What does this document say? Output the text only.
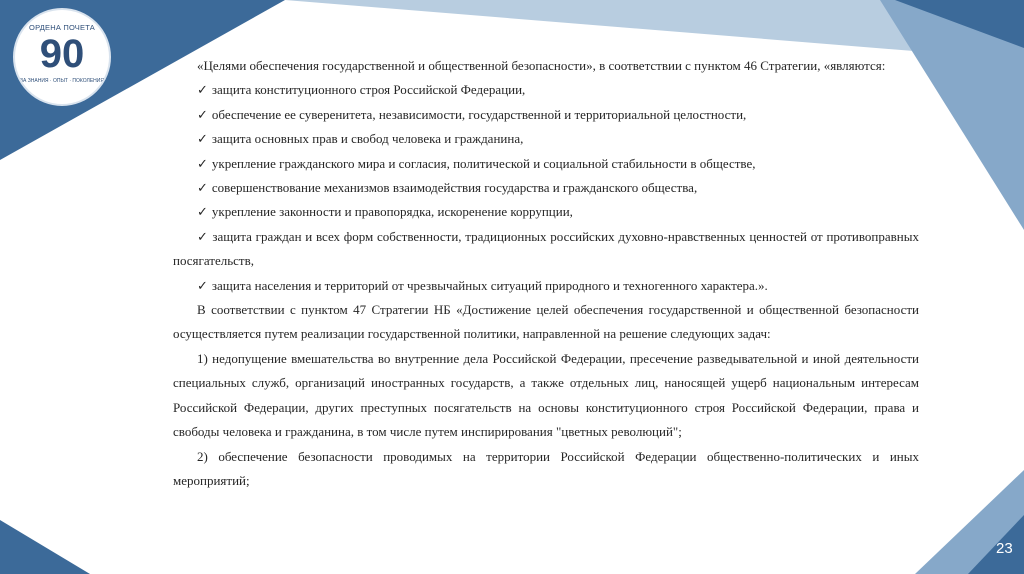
ОРДЕНА ПОЧЕТА
90
ЗА ЗНАНИЯ · ОПЫТ · ПОКОЛЕНИЯ

«Целями обеспечения государственной и общественной безопасности», в соответствии с пунктом 46 Стратегии, «являются:

✓ защита конституционного строя Российской Федерации,

✓ обеспечение ее суверенитета, независимости, государственной и территориальной целостности,

✓ защита основных прав и свобод человека и гражданина,

✓ укрепление гражданского мира и согласия, политической и социальной стабильности в обществе,

✓ совершенствование механизмов взаимодействия государства и гражданского общества,

✓ укрепление законности и правопорядка, искоренение коррупции,

✓ защита граждан и всех форм собственности, традиционных российских духовно-нравственных ценностей от противоправных посягательств,

✓ защита населения и территорий от чрезвычайных ситуаций природного и техногенного характера.».

В соответствии с пунктом 47 Стратегии НБ «Достижение целей обеспечения государственной и общественной безопасности осуществляется путем реализации государственной политики, направленной на решение следующих задач:

1) недопущение вмешательства во внутренние дела Российской Федерации, пресечение разведывательной и иной деятельности специальных служб, организаций иностранных государств, а также отдельных лиц, наносящей ущерб национальным интересам Российской Федерации, других преступных посягательств на основы конституционного строя Российской Федерации, права и свободы человека и гражданина, в том числе путем инспирирования "цветных революций";

2) обеспечение безопасности проводимых на территории Российской Федерации общественно-политических и иных мероприятий;

23
